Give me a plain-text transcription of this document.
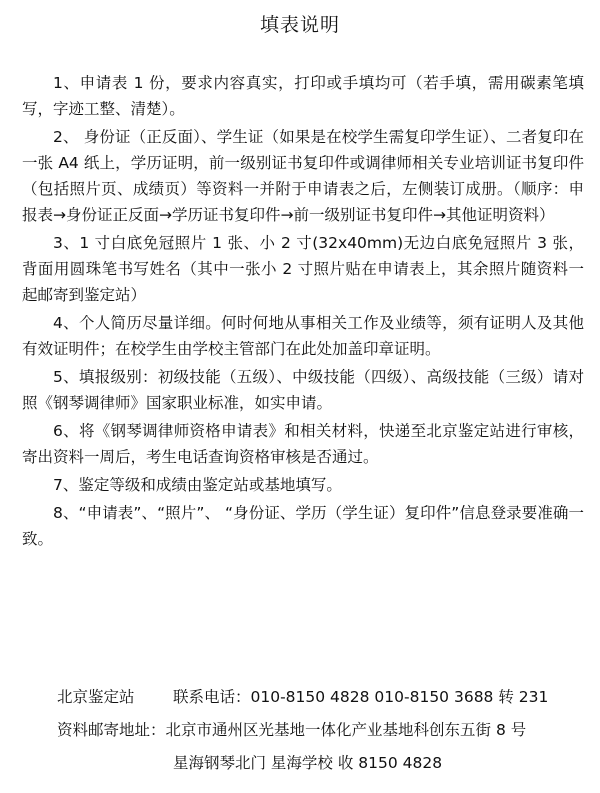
填表说明

1、申请表 1 份，要求内容真实，打印或手填均可（若手填，需用碳素笔填写，字迹工整、清楚）。

2、 身份证（正反面）、学生证（如果是在校学生需复印学生证）、二者复印在一张 A4 纸上，学历证明，前一级别证书复印件或调律师相关专业培训证书复印件（包括照片页、成绩页）等资料一并附于申请表之后，左侧装订成册。（顺序：申报表→身份证正反面→学历证书复印件→前一级别证书复印件→其他证明资料）

3、1 寸白底免冠照片 1 张、小 2 寸(32x40mm)无边白底免冠照片 3 张，背面用圆珠笔书写姓名（其中一张小 2 寸照片贴在申请表上，其余照片随资料一起邮寄到鉴定站）

4、个人简历尽量详细。何时何地从事相关工作及业绩等，须有证明人及其他有效证明件；在校学生由学校主管部门在此处加盖印章证明。

5、填报级别：初级技能（五级）、中级技能（四级）、高级技能（三级）请对照《钢琴调律师》国家职业标准，如实申请。

6、将《钢琴调律师资格申请表》和相关材料，快递至北京鉴定站进行审核，寄出资料一周后，考生电话查询资格审核是否通过。

7、鉴定等级和成绩由鉴定站或基地填写。

8、“申请表”、“照片”、 “身份证、学历（学生证）复印件”信息登录要准确一致。

北京鉴定站 联系电话：010-8150 4828 010-8150 3688 转 231
资料邮寄地址：北京市通州区光基地一体化产业基地科创东五街 8 号
星海钢琴北门 星海学校 收 8150 4828
